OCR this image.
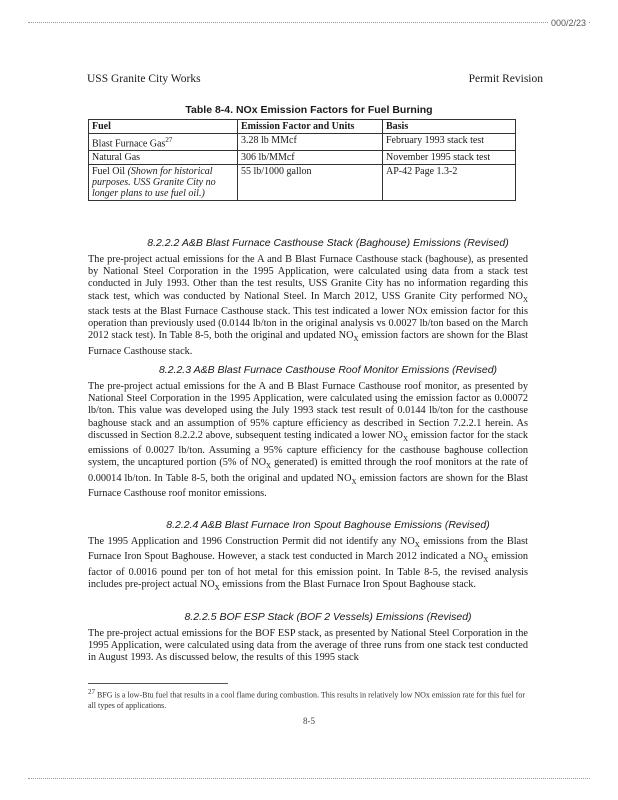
000/2/23
USS Granite City Works	Permit Revision
Table 8-4. NOx Emission Factors for Fuel Burning
Fuel	Emission Factor and Units	Basis
Blast Furnace Gas$^{27}$	3.28 lb MMcf	February 1993 stack test
Natural Gas	306 lb/MMcf	November 1995 stack test
Fuel Oil (Shown for historical purposes. USS Granite City no longer plans to use fuel oil.)	55 lb/1000 gallon	AP-42 Page 1.3-2
8.2.2.2 A&B Blast Furnace Casthouse Stack (Baghouse) Emissions (Revised)

The pre-project actual emissions for the A and B Blast Furnace Casthouse stack (baghouse), as presented by National Steel Corporation in the 1995 Application, were calculated using data from a stack test conducted in July 1993. Other than the test results, USS Granite City has no information regarding this stack test, which was conducted by National Steel. In March 2012, USS Granite City performed $NO_X$ stack tests at the Blast Furnace Casthouse stack. This test indicated a lower NOx emission factor for this operation than previously used (0.0144 lb/ton in the original analysis vs 0.0027 lb/ton based on the March 2012 stack test). In Table 8-5, both the original and updated $NO_X$ emission factors are shown for the Blast Furnace Casthouse stack.

8.2.2.3 A&B Blast Furnace Casthouse Roof Monitor Emissions (Revised)

The pre-project actual emissions for the A and B Blast Furnace Casthouse roof monitor, as presented by National Steel Corporation in the 1995 Application, were calculated using the emission factor as 0.00072 lb/ton. This value was developed using the July 1993 stack test result of 0.0144 lb/ton for the casthouse baghouse stack and an assumption of 95% capture efficiency as described in Section 7.2.2.1 herein. As discussed in Section 8.2.2.2 above, subsequent testing indicated a lower $NO_X$ emission factor for the stack emissions of 0.0027 lb/ton. Assuming a 95% capture efficiency for the casthouse baghouse collection system, the uncaptured portion (5% of $NO_X$ generated) is emitted through the roof monitors at the rate of 0.00014 lb/ton. In Table 8-5, both the original and updated $NO_X$ emission factors are shown for the Blast Furnace Casthouse roof monitor emissions.

8.2.2.4 A&B Blast Furnace Iron Spout Baghouse Emissions (Revised)

The 1995 Application and 1996 Construction Permit did not identify any $NO_X$ emissions from the Blast Furnace Iron Spout Baghouse. However, a stack test conducted in March 2012 indicated a $NO_X$ emission factor of 0.0016 pound per ton of hot metal for this emission point. In Table 8-5, the revised analysis includes pre-project actual $NO_X$ emissions from the Blast Furnace Iron Spout Baghouse stack.

8.2.2.5 BOF ESP Stack (BOF 2 Vessels) Emissions (Revised)

The pre-project actual emissions for the BOF ESP stack, as presented by National Steel Corporation in the 1995 Application, were calculated using data from the average of three runs from one stack test conducted in August 1993. As discussed below, the results of this 1995 stack

$^{27}$ BFG is a low-Btu fuel that results in a cool flame during combustion. This results in relatively low NOx emission rate for this fuel for all types of applications.
8-5
